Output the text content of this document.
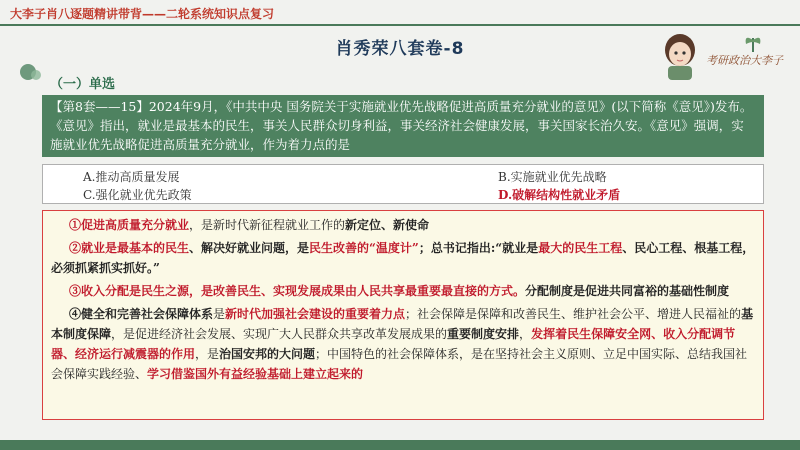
大李子肖八逐题精讲带背——二轮系统知识点复习
肖秀荣八套卷-8
考研政治大李子
（一）单选
【第8套——15】2024年9月，《中共中央 国务院关于实施就业优先战略促进高质量充分就业的意见》(以下简称《意见》)发布。《意见》指出，就业是最基本的民生，事关人民群众切身利益，事关经济社会健康发展，事关国家长治久安。《意见》强调，实施就业优先战略促进高质量充分就业，作为着力点的是
A.推动高质量发展	B.实施就业优先战略
C.强化就业优先政策	D.破解结构性就业矛盾

①促进高质量充分就业，是新时代新征程就业工作的新定位、新使命

②就业是最基本的民生、解决好就业问题，是民生改善的“温度计”；总书记指出:“就业是最大的民生工程、民心工程、根基工程，必须抓紧抓实抓好。”

③收入分配是民生之源，是改善民生、实现发展成果由人民共享最重要最直接的方式。分配制度是促进共同富裕的基础性制度

④健全和完善社会保障体系是新时代加强社会建设的重要着力点；社会保障是保障和改善民生、维护社会公平、增进人民福祉的基本制度保障，是促进经济社会发展、实现广大人民群众共享改革发展成果的重要制度安排，发挥着民生保障安全网、收入分配调节器、经济运行减震器的作用，是治国安邦的大问题；中国特色的社会保障体系，是在坚持社会主义原则、立足中国实际、总结我国社会保障实践经验、学习借鉴国外有益经验基础上建立起来的
